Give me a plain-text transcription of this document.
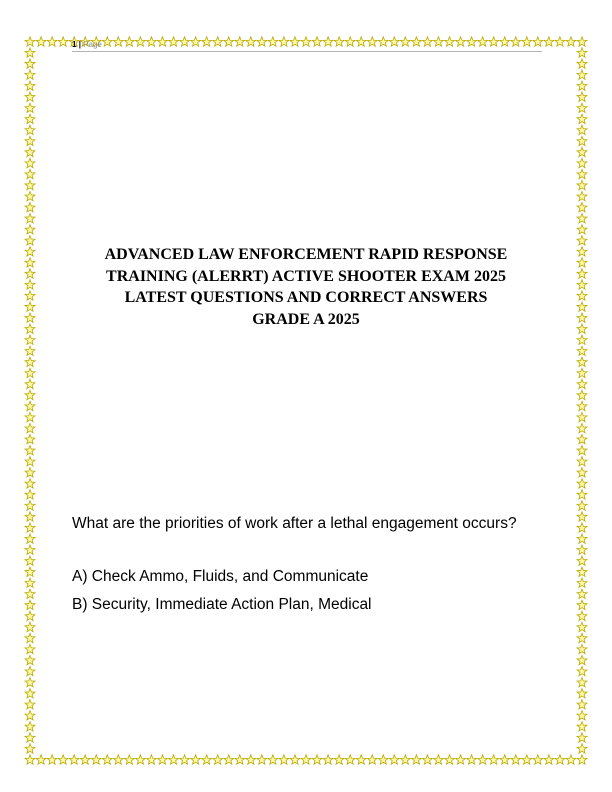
1 | Page
ADVANCED LAW ENFORCEMENT RAPID RESPONSE
TRAINING (ALERRT) ACTIVE SHOOTER EXAM 2025
LATEST QUESTIONS AND CORRECT ANSWERS
GRADE A 2025
What are the priorities of work after a lethal engagement occurs?
A) Check Ammo, Fluids, and Communicate
B) Security, Immediate Action Plan, Medical
